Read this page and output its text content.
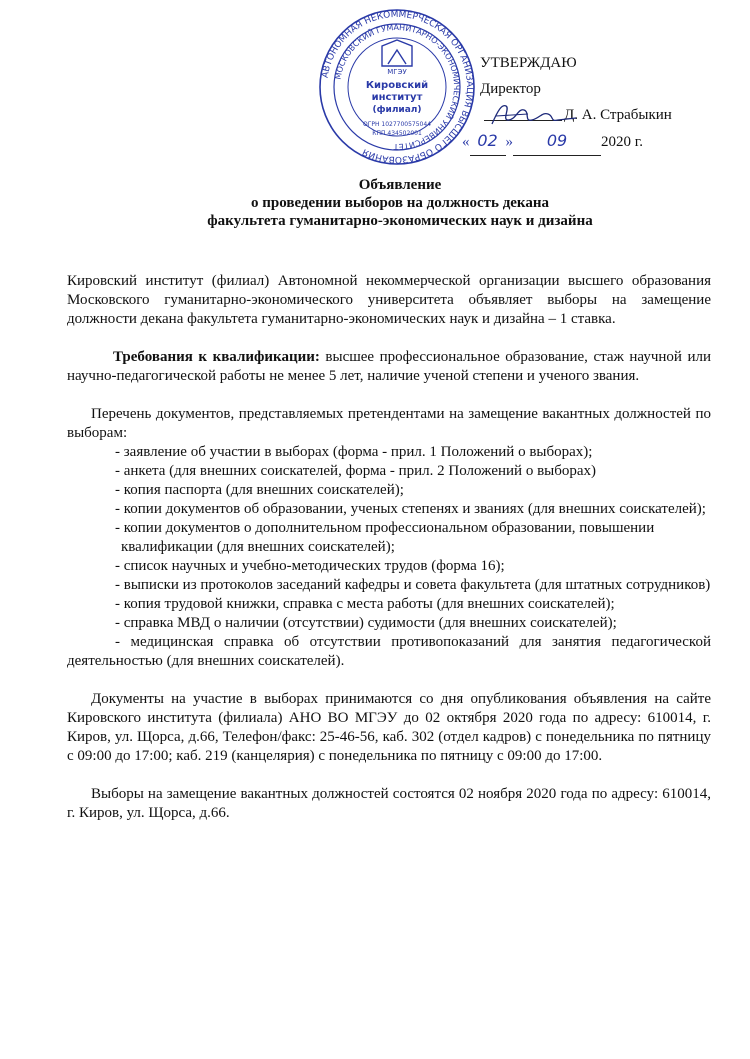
АВТОНОМНАЯ НЕКОММЕРЧЕСКАЯ ОРГАНИЗАЦИЯ ВЫСШЕГО ОБРАЗОВАНИЯ
МОСКОВСКИЙ ГУМАНИТАРНО-ЭКОНОМИЧЕСКИЙ УНИВЕРСИТЕТ
МГЭУ
Кировский
институт
(филиал)
ОГРН 1027700575044
КПП 434502001
УТВЕРЖДАЮ
Директор
Д. А. Страбыкин
« 02 » 09 2020 г.
Объявление
о проведении выборов на должность декана
факультета гуманитарно-экономических наук и дизайна

Кировский институт (филиал) Автономной некоммерческой организации высшего образования Московского гуманитарно-экономического университета объявляет выборы на замещение должности декана факультета гуманитарно-экономических наук и дизайна – 1 ставка.

Требования к квалификации: высшее профессиональное образование, стаж научной или научно-педагогической работы не менее 5 лет, наличие ученой степени и ученого звания.

Перечень документов, представляемых претендентами на замещение вакантных должностей по выборам:

- заявление об участии в выборах (форма - прил. 1 Положений о выборах);
- анкета (для внешних соискателей, форма - прил. 2 Положений о выборах)
- копия паспорта (для внешних соискателей);
- копии документов об образовании, ученых степенях и званиях (для внешних соискателей);
- копии документов о дополнительном профессиональном образовании, повышении квалификации (для внешних соискателей);
- список научных и учебно-методических трудов (форма 16);
- выписки из протоколов заседаний кафедры и совета факультета (для штатных сотрудников)
- копия трудовой книжки, справка с места работы (для внешних соискателей);
- справка МВД о наличии (отсутствии) судимости (для внешних соискателей);
- медицинская справка об отсутствии противопоказаний для занятия педагогической деятельностью (для внешних соискателей).

Документы на участие в выборах принимаются со дня опубликования объявления на сайте Кировского института (филиала) АНО ВО МГЭУ до 02 октября 2020 года по адресу: 610014, г. Киров, ул. Щорса, д.66, Телефон/факс: 25-46-56, каб. 302 (отдел кадров) с понедельника по пятницу с 09:00 до 17:00; каб. 219 (канцелярия) с понедельника по пятницу с 09:00 до 17:00.

Выборы на замещение вакантных должностей состоятся 02 ноября 2020 года по адресу: 610014, г. Киров, ул. Щорса, д.66.
